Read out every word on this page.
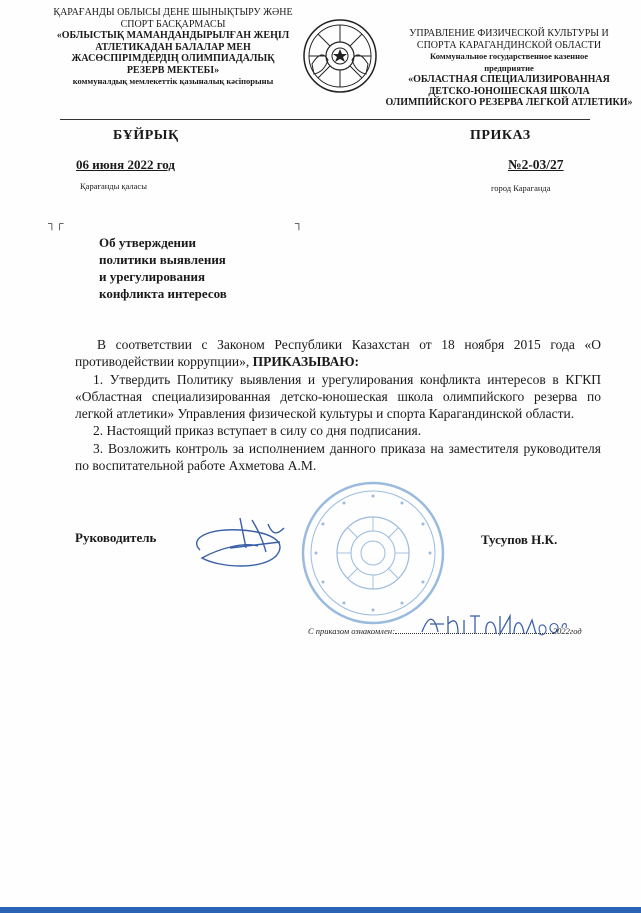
ҚАРАҒАНДЫ ОБЛЫСЫ ДЕНЕ ШЫНЫҚТЫРУ ЖӘНЕ
СПОРТ БАСҚАРМАСЫ
«ОБЛЫСТЫҚ МАМАНДАНДЫРЫЛҒАН ЖЕҢІЛ
АТЛЕТИКАДАН БАЛАЛАР МЕН
ЖАСӨСПІРІМДЕРДІҢ ОЛИМПИАДАЛЫҚ
РЕЗЕРВ МЕКТЕБІ»
коммуналдық мемлекеттік қазыналық кәсіпорыны
УПРАВЛЕНИЕ ФИЗИЧЕСКОЙ КУЛЬТУРЫ И
СПОРТА КАРАГАНДИНСКОЙ ОБЛАСТИ
Коммунальное государственное казенное
предприятие
«ОБЛАСТНАЯ СПЕЦИАЛИЗИРОВАННАЯ
ДЕТСКО-ЮНОШЕСКАЯ ШКОЛА
ОЛИМПИЙСКОГО РЕЗЕРВА ЛЕГКОЙ АТЛЕТИКИ»
БҰЙРЫҚ	ПРИКАЗ
06 июня 2022 год	№2-03/27
Қарағанды қаласы	город Караганда
┐┌	┐
Об утверждении
политики выявления
и урегулирования
конфликта интересов

В соответствии с Законом Республики Казахстан от 18 ноября 2015 года «О противодействии коррупции», ПРИКАЗЫВАЮ:

1. Утвердить Политику выявления и урегулирования конфликта интересов в КГКП «Областная специализированная детско-юношеская школа олимпийского резерва по легкой атлетики» Управления физической культуры и спорта Карагандинской области.

2. Настоящий приказ вступает в силу со дня подписания.

3. Возложить контроль за исполнением данного приказа на заместителя руководителя по воспитательной работе Ахметова А.М.

Руководитель	Тусупов Н.К.
С приказом ознакомлен:	2022год
